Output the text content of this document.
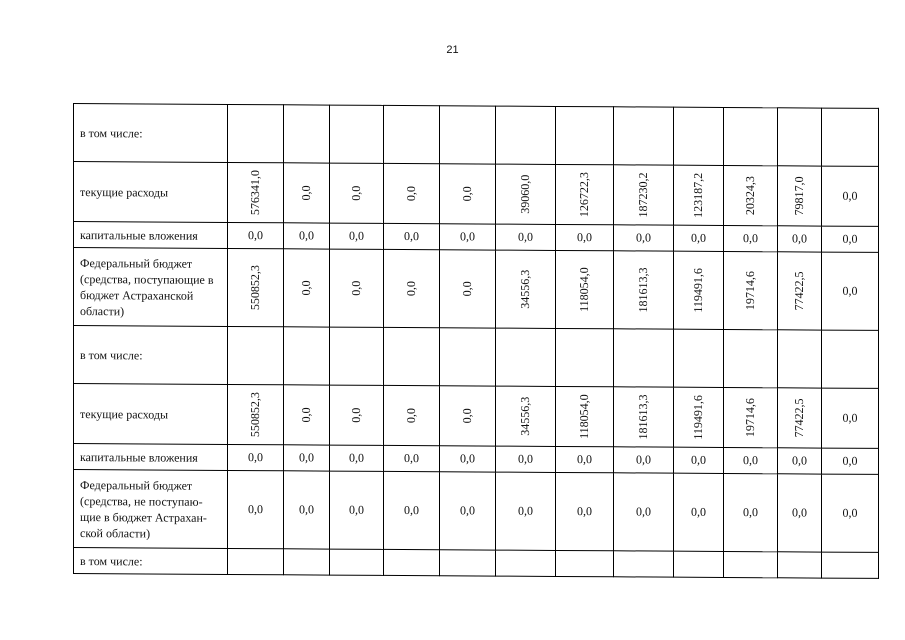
21
в том числе:												
текущие расходы	576341,0	0,0	0,0	0,0	0,0	39060,0	126722,3	187230,2	123187,2	20324,3	79817,0	0,0
капитальные вложения	0,0	0,0	0,0	0,0	0,0	0,0	0,0	0,0	0,0	0,0	0,0	0,0
Федеральный бюджет (средства, поступающие в бюджет Астраханской области)	550852,3	0,0	0,0	0,0	0,0	34556,3	118054,0	181613,3	119491,6	19714,6	77422,5	0,0
в том числе:												
текущие расходы	550852,3	0,0	0,0	0,0	0,0	34556,3	118054,0	181613,3	119491,6	19714,6	77422,5	0,0
капитальные вложения	0,0	0,0	0,0	0,0	0,0	0,0	0,0	0,0	0,0	0,0	0,0	0,0
Федеральный бюджет (средства, не поступаю-щие в бюджет Астрахан-ской области)	0,0	0,0	0,0	0,0	0,0	0,0	0,0	0,0	0,0	0,0	0,0	0,0
в том числе:												
